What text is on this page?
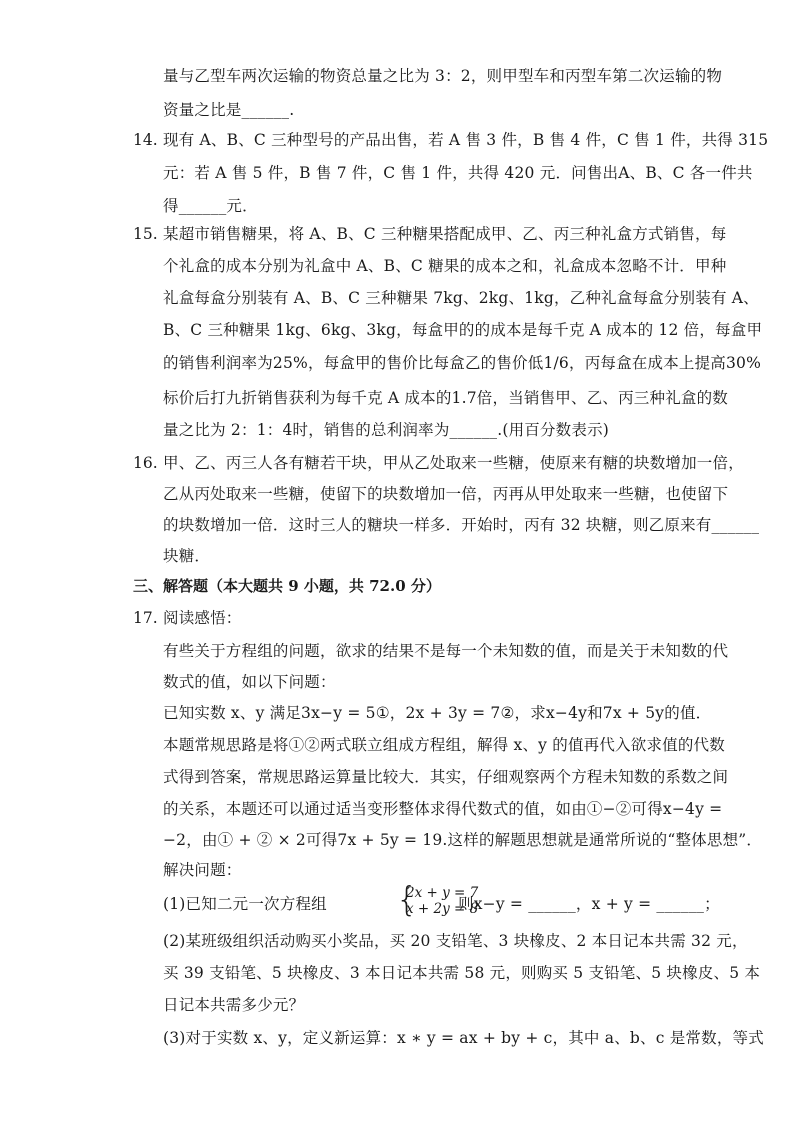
量与乙型车两次运输的物资总量之比为 3：2，则甲型车和丙型车第二次运输的物
资量之比是______.
14. 现有 A、B、C 三种型号的产品出售，若 A 售 3 件，B 售 4 件，C 售 1 件，共得 315
元：若 A 售 5 件，B 售 7 件，C 售 1 件，共得 420 元．问售出A、B、C 各一件共
得______元．
15. 某超市销售糖果，将 A、B、C 三种糖果搭配成甲、乙、丙三种礼盒方式销售，每
个礼盒的成本分别为礼盒中 A、B、C 糖果的成本之和，礼盒成本忽略不计．甲种
礼盒每盒分别装有 A、B、C 三种糖果 7kg、2kg、1kg，乙种礼盒每盒分别装有 A、
B、C 三种糖果 1kg、6kg、3kg，每盒甲的的成本是每千克 A 成本的 12 倍，每盒甲
的销售利润率为25%，每盒甲的售价比每盒乙的售价低1/6，丙每盒在成本上提高30%
标价后打九折销售获利为每千克 A 成本的1.7倍，当销售甲、乙、丙三种礼盒的数
量之比为 2：1：4时，销售的总利润率为______.(用百分数表示)
16. 甲、乙、丙三人各有糖若干块，甲从乙处取来一些糖，使原来有糖的块数增加一倍，
乙从丙处取来一些糖，使留下的块数增加一倍，丙再从甲处取来一些糖，也使留下
的块数增加一倍．这时三人的糖块一样多．开始时，丙有 32 块糖，则乙原来有______
块糖．
三、解答题（本大题共 9 小题，共 72.0 分）
17. 阅读感悟：
有些关于方程组的问题，欲求的结果不是每一个未知数的值，而是关于未知数的代
数式的值，如以下问题：
已知实数 x、y 满足3x−y = 5①，2x + 3y = 7②，求x−4y和7x + 5y的值．
本题常规思路是将①②两式联立组成方程组，解得 x、y 的值再代入欲求值的代数
式得到答案，常规思路运算量比较大．其实，仔细观察两个方程未知数的系数之间
的关系，本题还可以通过适当变形整体求得代数式的值，如由①−②可得x−4y =
−2，由① + ② × 2可得7x + 5y = 19.这样的解题思想就是通常所说的“整体思想”．
解决问题：
(1)已知二元一次方程组 {
2x + y = 7
x + 2y = 8
则x−y = ______，x + y = ______；
(2)某班级组织活动购买小奖品，买 20 支铅笔、3 块橡皮、2 本日记本共需 32 元，
买 39 支铅笔、5 块橡皮、3 本日记本共需 58 元，则购买 5 支铅笔、5 块橡皮、5 本
日记本共需多少元？
(3)对于实数 x、y，定义新运算：x ∗ y = ax + by + c，其中 a、b、c 是常数，等式
